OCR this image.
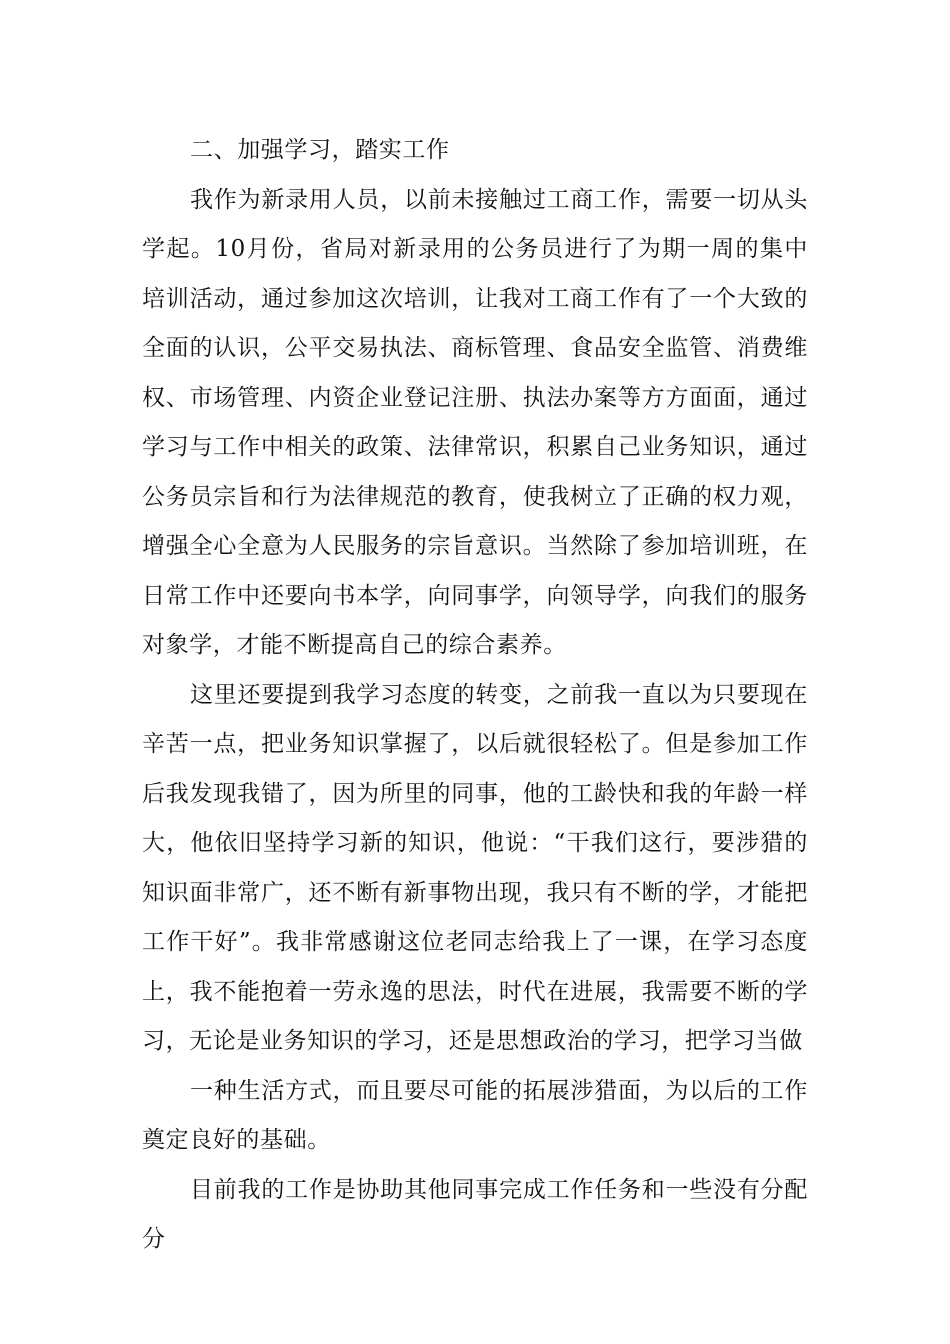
二、加强学习，踏实工作

我作为新录用人员，以前未接触过工商工作，需要一切从头学起。10月份，省局对新录用的公务员进行了为期一周的集中培训活动，通过参加这次培训，让我对工商工作有了一个大致的全面的认识，公平交易执法、商标管理、食品安全监管、消费维权、市场管理、内资企业登记注册、执法办案等方方面面，通过学习与工作中相关的政策、法律常识，积累自己业务知识，通过公务员宗旨和行为法律规范的教育，使我树立了正确的权力观，增强全心全意为人民服务的宗旨意识。当然除了参加培训班，在日常工作中还要向书本学，向同事学，向领导学，向我们的服务对象学，才能不断提高自己的综合素养。

这里还要提到我学习态度的转变，之前我一直以为只要现在辛苦一点，把业务知识掌握了，以后就很轻松了。但是参加工作后我发现我错了，因为所里的同事，他的工龄快和我的年龄一样大，他依旧坚持学习新的知识，他说：“干我们这行，要涉猎的知识面非常广，还不断有新事物出现，我只有不断的学，才能把工作干好”。我非常感谢这位老同志给我上了一课，在学习态度上，我不能抱着一劳永逸的思法，时代在进展，我需要不断的学习，无论是业务知识的学习，还是思想政治的学习，把学习当做

一种生活方式，而且要尽可能的拓展涉猎面，为以后的工作奠定良好的基础。

目前我的工作是协助其他同事完成工作任务和一些没有分配分
